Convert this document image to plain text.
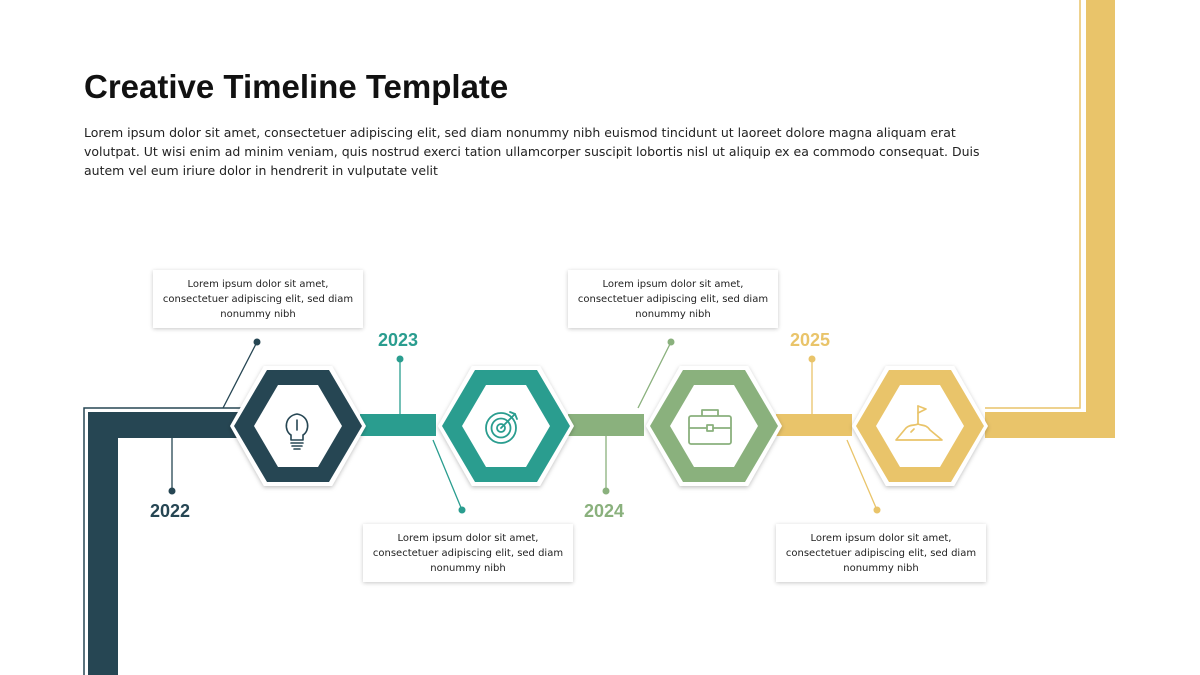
Creative Timeline Template
Lorem ipsum dolor sit amet, consectetuer adipiscing elit, sed diam nonummy nibh euismod tincidunt ut laoreet dolore magna aliquam erat volutpat. Ut wisi enim ad minim veniam, quis nostrud exerci tation ullamcorper suscipit lobortis nisl ut aliquip ex ea commodo consequat. Duis autem vel eum iriure dolor in hendrerit in vulputate velit
Lorem ipsum dolor sit amet, consectetuer adipiscing elit, sed diam nonummy nibh
Lorem ipsum dolor sit amet, consectetuer adipiscing elit, sed diam nonummy nibh
Lorem ipsum dolor sit amet, consectetuer adipiscing elit, sed diam nonummy nibh
Lorem ipsum dolor sit amet, consectetuer adipiscing elit, sed diam nonummy nibh
2022
2023
2024
2025
